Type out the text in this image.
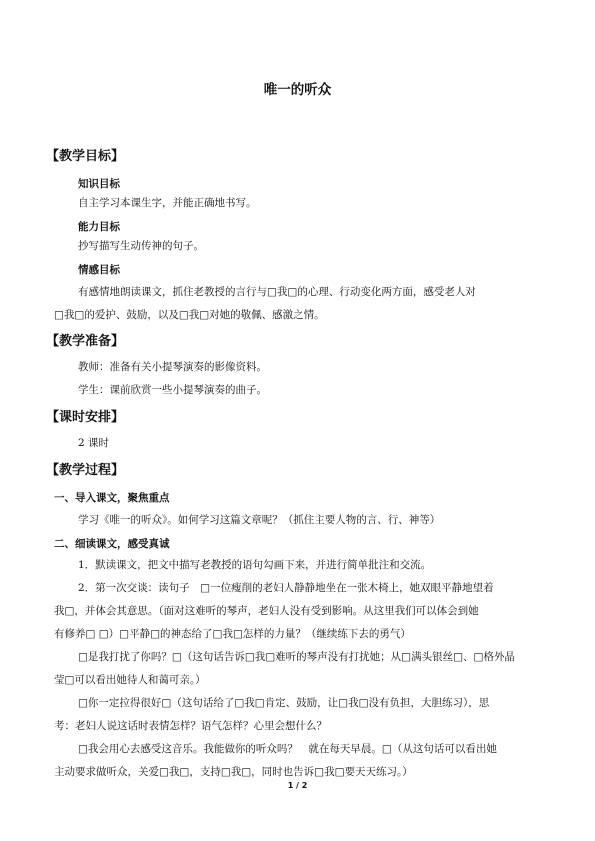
唯一的听众
【教学目标】
知识目标
自主学习本课生字，并能正确地书写。
能力目标
抄写描写生动传神的句子。
情感目标
有感情地朗读课文，抓住老教授的言行与□我□的心理、行动变化两方面，感受老人对
□我□的爱护、鼓励，以及□我□对她的敬佩、感激之情。
【教学准备】
教师：准备有关小提琴演奏的影像资料。
学生：课前欣赏一些小提琴演奏的曲子。
【课时安排】
2 课时
【教学过程】
一、导入课文，聚焦重点
学习《唯一的听众》。如何学习这篇文章呢？（抓住主要人物的言、行、神等）
二、细读课文，感受真诚
1．默读课文，把文中描写老教授的语句勾画下来，并进行简单批注和交流。
2．第一次交谈：读句子　□一位瘦削的老妇人静静地坐在一张木椅上，她双眼平静地望着
我□，并体会其意思。（面对这难听的琴声，老妇人没有受到影响。从这里我们可以体会到她
有修养□ □）□平静□的神态给了□我□怎样的力量？（继续练下去的勇气）
□是我打扰了你吗？□（这句话告诉□我□难听的琴声没有打扰她；从□满头银丝□、□格外晶
莹□可以看出她待人和蔼可亲。）
□你一定拉得很好□（这句话给了□我□肯定、鼓励，让□我□没有负担，大胆练习），思
考：老妇人说这话时表情怎样？语气怎样？心里会想什么？
□我会用心去感受这音乐。我能做你的听众吗？　就在每天早晨。□（从这句话可以看出她
主动要求做听众，关爱□我□，支持□我□，同时也告诉□我□要天天练习。）
1 / 2
